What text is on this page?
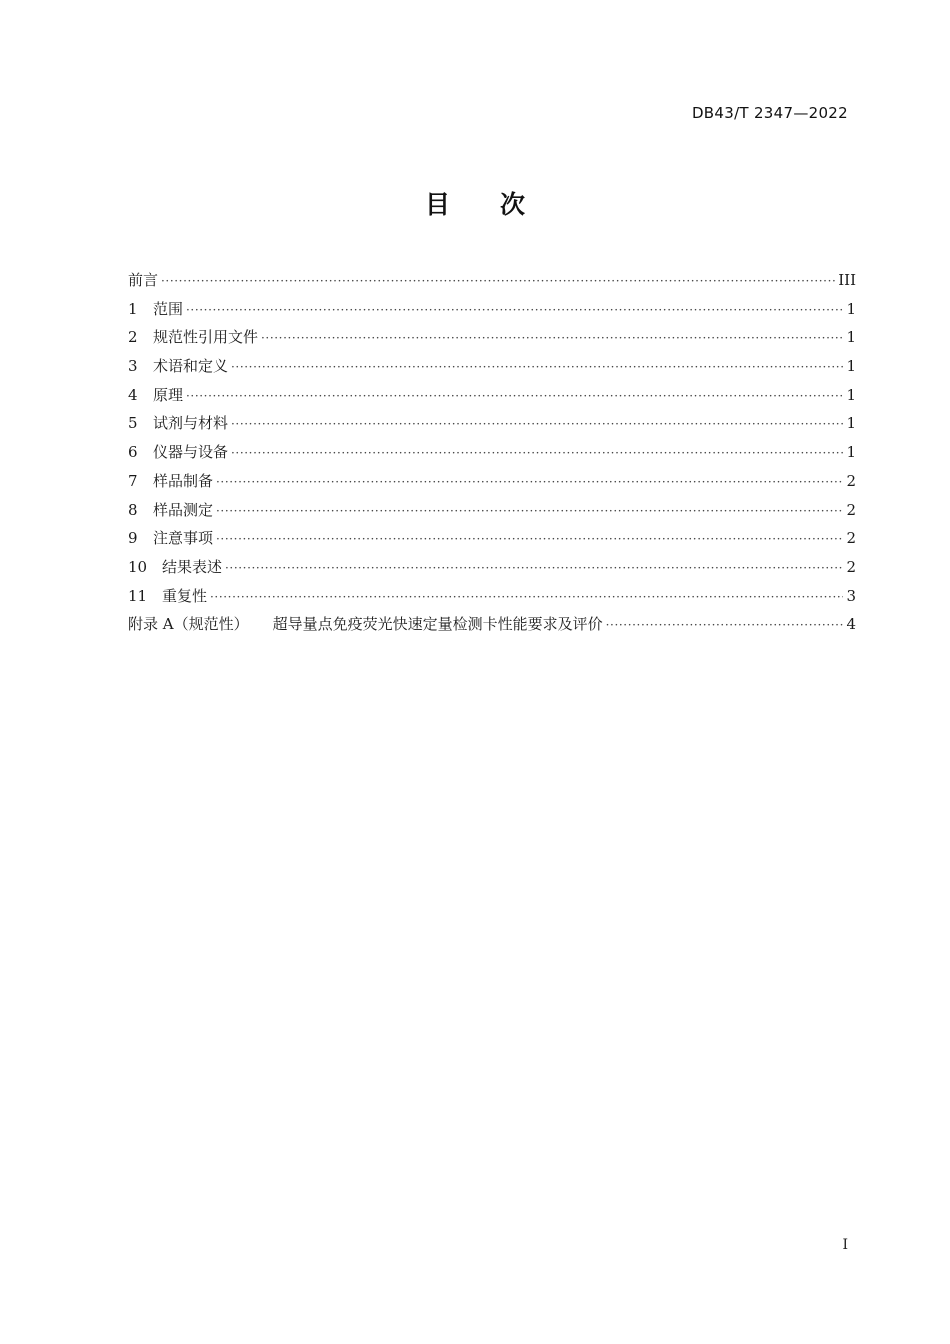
DB43/T 2347—2022
目次
前言 ·····	III
1	范围 ·····	1
2	规范性引用文件 ·····	1
3	术语和定义 ·····	1
4	原理 ·····	1
5	试剂与材料 ·····	1
6	仪器与设备 ·····	1
7	样品制备 ·····	2
8	样品测定 ·····	2
9	注意事项 ·····	2
10 结果表述 ·····	2
11 重复性 ·····	3
附录 A（规范性） 超导量点免疫荧光快速定量检测卡性能要求及评价 ·····	4
I
